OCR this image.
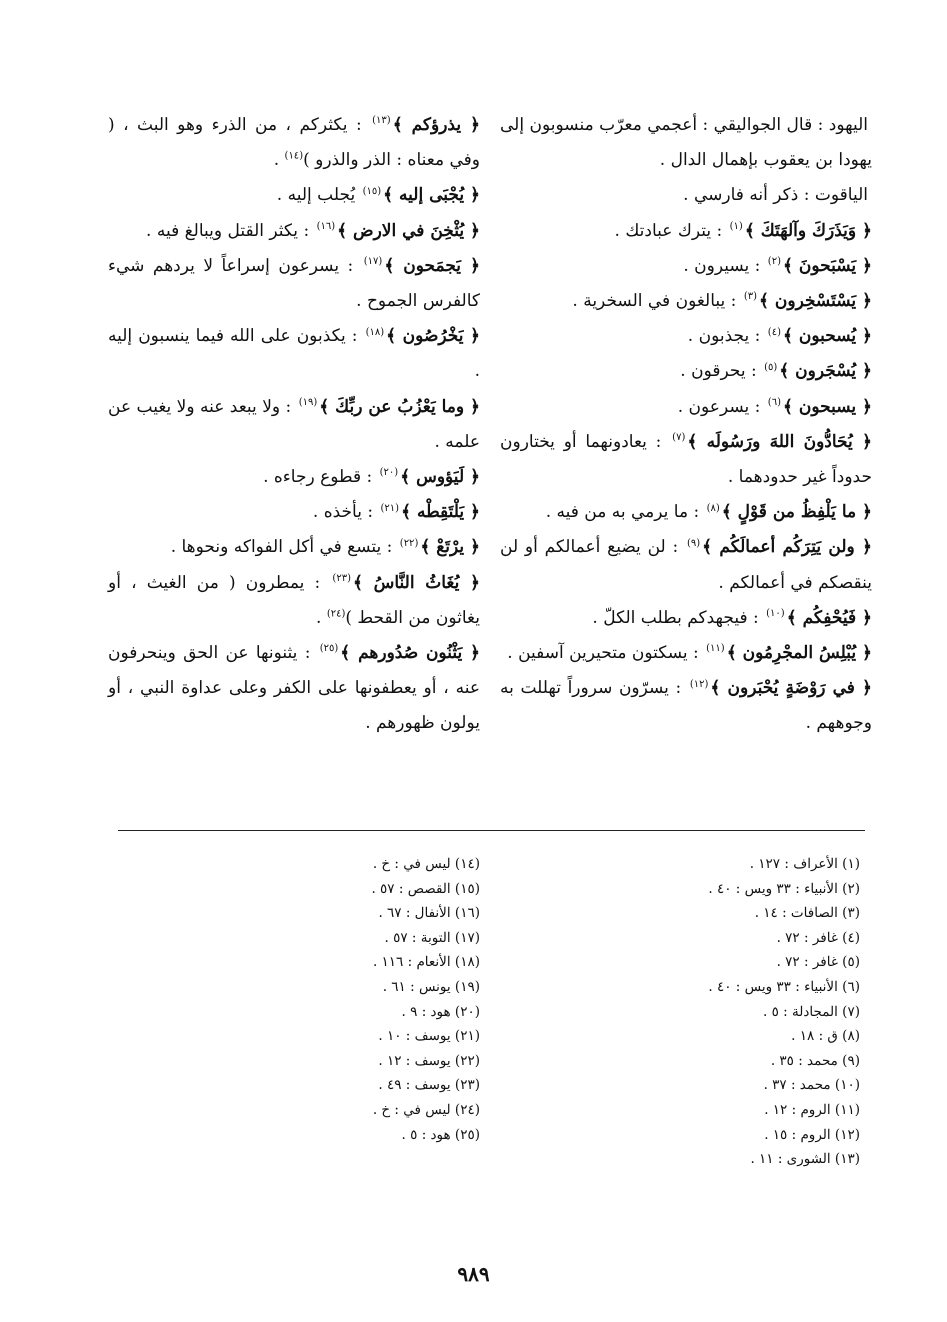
اليهود : قال الجواليقي : أعجمي معرّب منسوبون إلى يهودا بن يعقوب بإهمال الدال .

الياقوت : ذكر أنه فارسي .

﴿ وَيَذَرَكَ وآلهَتَكَ ﴾$^{(١)}$ : يترك عبادتك .

﴿ يَسْبَحونَ ﴾$^{(٢)}$ : يسيرون .

﴿ يَسْتَسْخِرون ﴾$^{(٣)}$ : يبالغون في السخرية .

﴿ يُسحبون ﴾$^{(٤)}$ : يجذبون .

﴿ يُسْجَرون ﴾$^{(٥)}$ : يحرقون .

﴿ يسبحون ﴾$^{(٦)}$ : يسرعون .

﴿ يُحَادُّونَ اللهَ ورَسُولَه ﴾$^{(٧)}$ : يعادونهما أو يختارون حدوداً غير حدودهما .

﴿ ما يَلْفِظُ من قَوْلٍ ﴾$^{(٨)}$ : ما يرمي به من فيه .

﴿ ولن يَتِرَكُم أعمالَكُم ﴾$^{(٩)}$ : لن يضيع أعمالكم أو لن ينقصكم في أعمالكم .

﴿ فَيُحْفِكُم ﴾$^{(١٠)}$ : فيجهدكم بطلب الكلّ .

﴿ يُبْلِسُ المجْرِمُون ﴾$^{(١١)}$ : يسكتون متحيرين آسفين .

﴿ في رَوْضَةٍ يُحْبَرون ﴾$^{(١٢)}$ : يسرّون سروراً تهللت به وجوههم .

﴿ يذرؤكم ﴾$^{(١٣)}$ : يكثركم ، من الذرء وهو البث ، ( وفي معناه : الذر والذرو )$^{(١٤)}$ .

﴿ يُجْبَى إليه ﴾$^{(١٥)}$ يُجلب إليه .

﴿ يُثْخِنَ في الارض ﴾$^{(١٦)}$ : يكثر القتل ويبالغ فيه .

﴿ يَجمَحون ﴾$^{(١٧)}$ : يسرعون إسراعاً لا يردهم شيء كالفرس الجموح .

﴿ يَخْرُصُون ﴾$^{(١٨)}$ : يكذبون على الله فيما ينسبون إليه .

﴿ وما يَعْزُبُ عن ربِّكَ ﴾$^{(١٩)}$ : ولا يبعد عنه ولا يغيب عن علمه .

﴿ لَيَؤوس ﴾$^{(٢٠)}$ : قطوع رجاءه .

﴿ يَلْتَقِطْه ﴾$^{(٢١)}$ : يأخذه .

﴿ يرْتَعْ ﴾$^{(٢٢)}$ : يتسع في أكل الفواكه ونحوها .

﴿ يُغَاثُ النَّاسُ ﴾$^{(٢٣)}$ : يمطرون ( من الغيث ، أو يغاثون من القحط )$^{(٢٤)}$ .

﴿ يَثْنُون صُدُورهم ﴾$^{(٢٥)}$ : يثنونها عن الحق وينحرفون عنه ، أو يعطفونها على الكفر وعلى عداوة النبي ، أو يولون ظهورهم .

(١) الأعراف : ١٢٧ .
(٢) الأنبياء : ٣٣ ويس : ٤٠ .
(٣) الصافات : ١٤ .
(٤) غافر : ٧٢ .
(٥) غافر : ٧٢ .
(٦) الأنبياء : ٣٣ ويس : ٤٠ .
(٧) المجادلة : ٥ .
(٨) ق : ١٨ .
(٩) محمد : ٣٥ .
(١٠) محمد : ٣٧ .
(١١) الروم : ١٢ .
(١٢) الروم : ١٥ .
(١٣) الشورى : ١١ .
(١٤) ليس في : خ .
(١٥) القصص : ٥٧ .
(١٦) الأنفال : ٦٧ .
(١٧) التوبة : ٥٧ .
(١٨) الأنعام : ١١٦ .
(١٩) يونس : ٦١ .
(٢٠) هود : ٩ .
(٢١) يوسف : ١٠ .
(٢٢) يوسف : ١٢ .
(٢٣) يوسف : ٤٩ .
(٢٤) ليس في : خ .
(٢٥) هود : ٥ .
٩٨٩
